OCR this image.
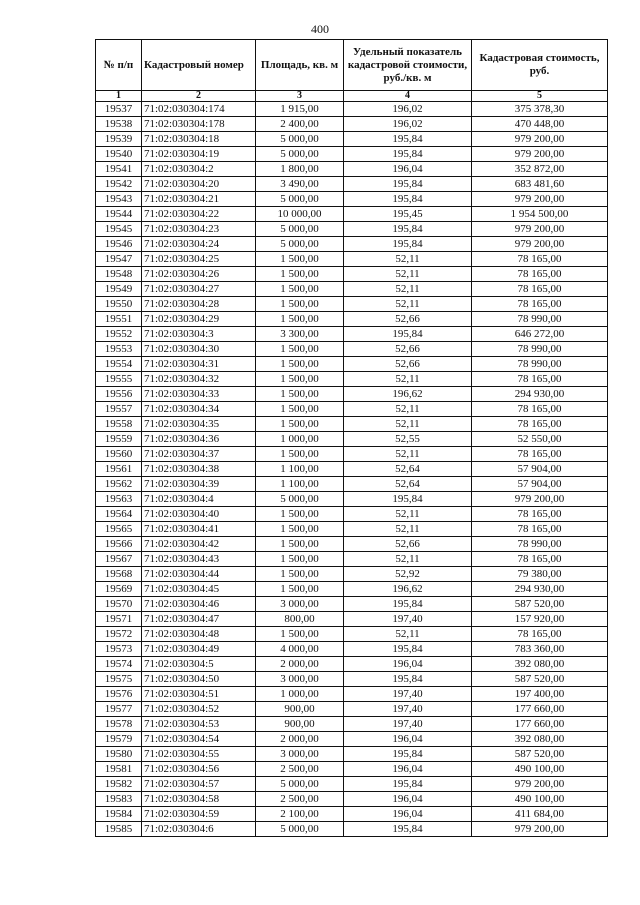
400
№ п/п	Кадастровый номер	Площадь, кв. м	Удельный показатель кадастровой стоимости, руб./кв. м	Кадастровая стоимость, руб.
1	2	3	4	5
19537	71:02:030304:174	1 915,00	196,02	375 378,30
19538	71:02:030304:178	2 400,00	196,02	470 448,00
19539	71:02:030304:18	5 000,00	195,84	979 200,00
19540	71:02:030304:19	5 000,00	195,84	979 200,00
19541	71:02:030304:2	1 800,00	196,04	352 872,00
19542	71:02:030304:20	3 490,00	195,84	683 481,60
19543	71:02:030304:21	5 000,00	195,84	979 200,00
19544	71:02:030304:22	10 000,00	195,45	1 954 500,00
19545	71:02:030304:23	5 000,00	195,84	979 200,00
19546	71:02:030304:24	5 000,00	195,84	979 200,00
19547	71:02:030304:25	1 500,00	52,11	78 165,00
19548	71:02:030304:26	1 500,00	52,11	78 165,00
19549	71:02:030304:27	1 500,00	52,11	78 165,00
19550	71:02:030304:28	1 500,00	52,11	78 165,00
19551	71:02:030304:29	1 500,00	52,66	78 990,00
19552	71:02:030304:3	3 300,00	195,84	646 272,00
19553	71:02:030304:30	1 500,00	52,66	78 990,00
19554	71:02:030304:31	1 500,00	52,66	78 990,00
19555	71:02:030304:32	1 500,00	52,11	78 165,00
19556	71:02:030304:33	1 500,00	196,62	294 930,00
19557	71:02:030304:34	1 500,00	52,11	78 165,00
19558	71:02:030304:35	1 500,00	52,11	78 165,00
19559	71:02:030304:36	1 000,00	52,55	52 550,00
19560	71:02:030304:37	1 500,00	52,11	78 165,00
19561	71:02:030304:38	1 100,00	52,64	57 904,00
19562	71:02:030304:39	1 100,00	52,64	57 904,00
19563	71:02:030304:4	5 000,00	195,84	979 200,00
19564	71:02:030304:40	1 500,00	52,11	78 165,00
19565	71:02:030304:41	1 500,00	52,11	78 165,00
19566	71:02:030304:42	1 500,00	52,66	78 990,00
19567	71:02:030304:43	1 500,00	52,11	78 165,00
19568	71:02:030304:44	1 500,00	52,92	79 380,00
19569	71:02:030304:45	1 500,00	196,62	294 930,00
19570	71:02:030304:46	3 000,00	195,84	587 520,00
19571	71:02:030304:47	800,00	197,40	157 920,00
19572	71:02:030304:48	1 500,00	52,11	78 165,00
19573	71:02:030304:49	4 000,00	195,84	783 360,00
19574	71:02:030304:5	2 000,00	196,04	392 080,00
19575	71:02:030304:50	3 000,00	195,84	587 520,00
19576	71:02:030304:51	1 000,00	197,40	197 400,00
19577	71:02:030304:52	900,00	197,40	177 660,00
19578	71:02:030304:53	900,00	197,40	177 660,00
19579	71:02:030304:54	2 000,00	196,04	392 080,00
19580	71:02:030304:55	3 000,00	195,84	587 520,00
19581	71:02:030304:56	2 500,00	196,04	490 100,00
19582	71:02:030304:57	5 000,00	195,84	979 200,00
19583	71:02:030304:58	2 500,00	196,04	490 100,00
19584	71:02:030304:59	2 100,00	196,04	411 684,00
19585	71:02:030304:6	5 000,00	195,84	979 200,00
